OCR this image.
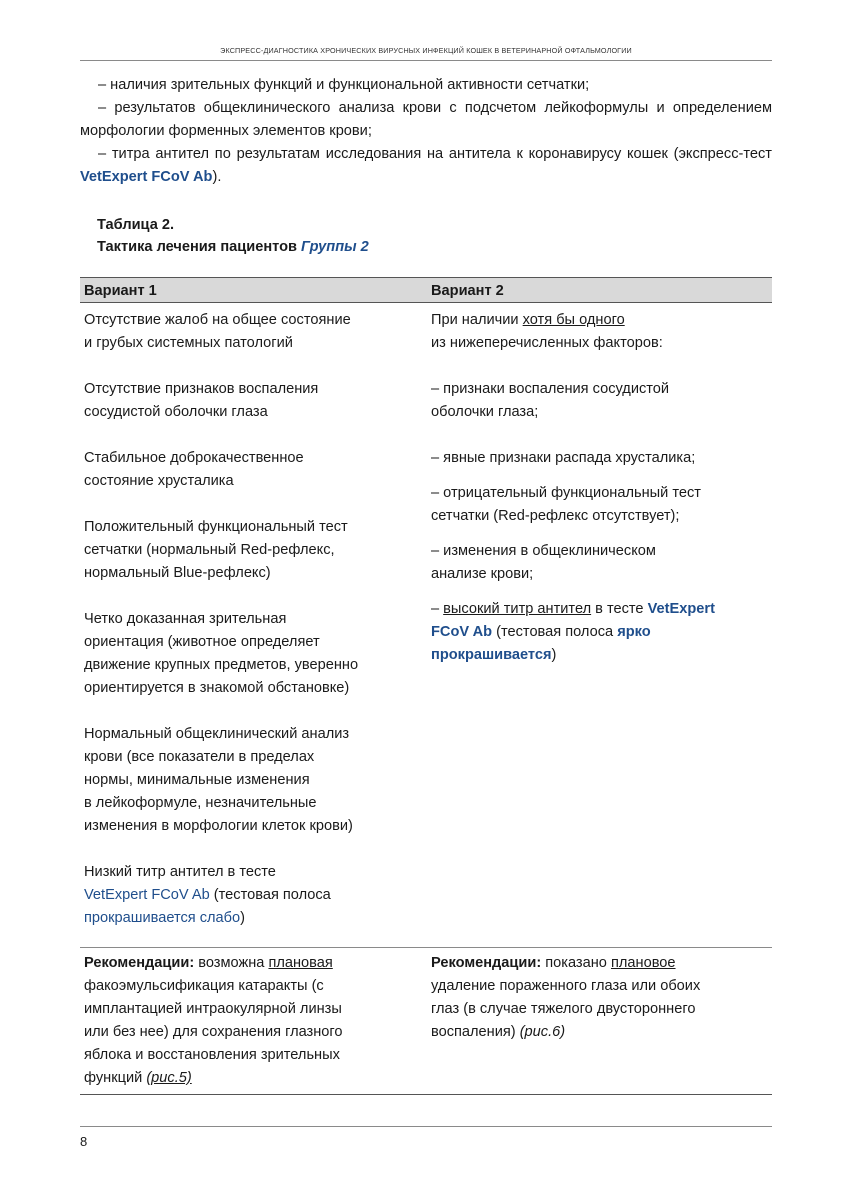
ЭКСПРЕСС-ДИАГНОСТИКА ХРОНИЧЕСКИХ ВИРУСНЫХ ИНФЕКЦИЙ КОШЕК В ВЕТЕРИНАРНОЙ ОФТАЛЬМОЛОГИИ

– наличия зрительных функций и функциональной активности сетчатки;

– результатов общеклинического анализа крови с подсчетом лейкоформулы и определением морфологии форменных элементов крови;

– титра антител по результатам исследования на антитела к коронавирусу кошек (экспресс-тест VetExpert FCoV Ab).

Таблица 2.
Тактика лечения пациентов Группы 2
Вариант 1	Вариант 2
Отсутствие жалоб на общее состояние
и грубых системных патологий
Отсутствие признаков воспаления
сосудистой оболочки глаза
Стабильное доброкачественное
состояние хрусталика
Положительный функциональный тест
сетчатки (нормальный Red-рефлекс,
нормальный Blue-рефлекс)
Четко доказанная зрительная
ориентация (животное определяет
движение крупных предметов, уверенно
ориентируется в знакомой обстановке)
Нормальный общеклинический анализ
крови (все показатели в пределах
нормы, минимальные изменения
в лейкоформуле, незначительные
изменения в морфологии клеток крови)
Низкий титр антител в тесте
VetExpert FCoV Ab (тестовая полоса
прокрашивается слабо)
При наличии хотя бы одного
из нижеперечисленных факторов:
– признаки воспаления сосудистой
оболочки глаза;
– явные признаки распада хрусталика;
– отрицательный функциональный тест
сетчатки (Red-рефлекс отсутствует);
– изменения в общеклиническом
анализе крови;
– высокий титр антител в тесте VetExpert
FCoV Ab (тестовая полоса ярко
прокрашивается)
Рекомендации: возможна плановая
факоэмульсификация катаракты (с
имплантацией интраокулярной линзы
или без нее) для сохранения глазного
яблока и восстановления зрительных
функций (рис.5)
Рекомендации: показано плановое
удаление пораженного глаза или обоих
глаз (в случае тяжелого двустороннего
воспаления) (рис.6)
8
